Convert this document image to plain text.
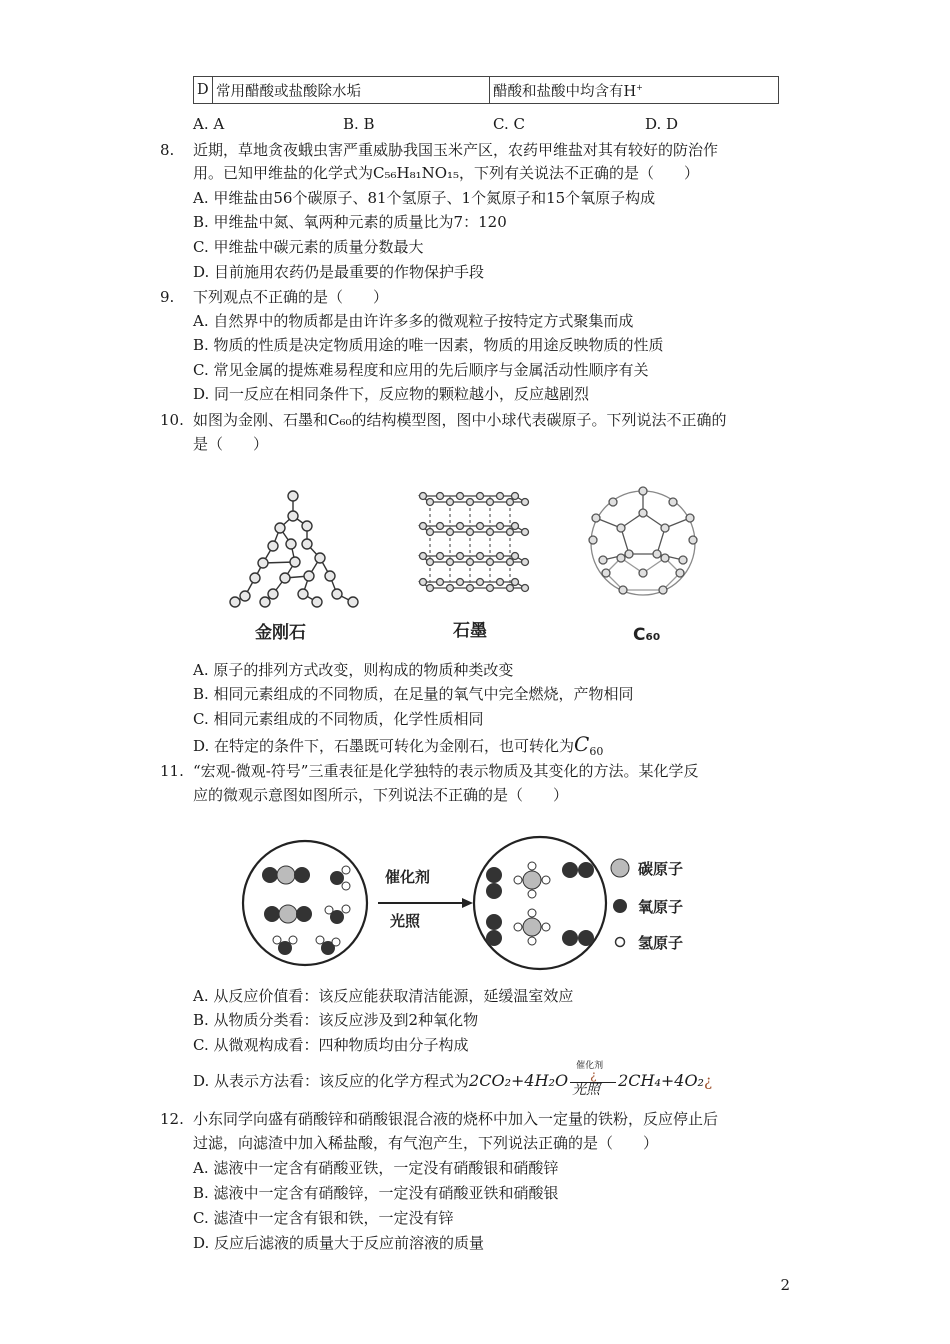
D	常用醋酸或盐酸除水垢	醋酸和盐酸中均含有H+
A. A	B. B	C. C	D. D
8. 近期，草地贪夜蛾虫害严重威胁我国玉米产区，农药甲维盐对其有较好的防治作
用。已知甲维盐的化学式为C₅₆H₈₁NO₁₅，下列有关说法不正确的是（　　）
A. 甲维盐由56个碳原子、81个氢原子、1个氮原子和15个氧原子构成
B. 甲维盐中氮、氧两种元素的质量比为7：120
C. 甲维盐中碳元素的质量分数最大
D. 目前施用农药仍是最重要的作物保护手段
9. 下列观点不正确的是（　　）
A. 自然界中的物质都是由许许多多的微观粒子按特定方式聚集而成
B. 物质的性质是决定物质用途的唯一因素，物质的用途反映物质的性质
C. 常见金属的提炼难易程度和应用的先后顺序与金属活动性顺序有关
D. 同一反应在相同条件下，反应物的颗粒越小，反应越剧烈
10. 如图为金刚、石墨和C₆₀的结构模型图，图中小球代表碳原子。下列说法不正确的
是（　　）
金刚石	石墨	C₆₀
A. 原子的排列方式改变，则构成的物质种类改变
B. 相同元素组成的不同物质，在足量的氧气中完全燃烧，产物相同
C. 相同元素组成的不同物质，化学性质相同
D. 在特定的条件下，石墨既可转化为金刚石，也可转化为$C_{60}$
11. “宏观-微观-符号”三重表征是化学独特的表示物质及其变化的方法。某化学反
应的微观示意图如图所示，下列说法不正确的是（　　）
催化剂
光照
碳原子
氧原子
氢原子
A. 从反应价值看：该反应能获取清洁能源，延缓温室效应
B. 从物质分类看：该反应涉及到2种氧化物
C. 从微观构成看：四种物质均由分子构成
D. 从表示方法看：该反应的化学方程式为2CO₂+4H₂O
催化剂
¿
光照 2CH₄+4O₂¿
12. 小东同学向盛有硝酸锌和硝酸银混合液的烧杯中加入一定量的铁粉，反应停止后
过滤，向滤渣中加入稀盐酸，有气泡产生，下列说法正确的是（　　）
A. 滤液中一定含有硝酸亚铁，一定没有硝酸银和硝酸锌
B. 滤液中一定含有硝酸锌，一定没有硝酸亚铁和硝酸银
C. 滤渣中一定含有银和铁，一定没有锌
D. 反应后滤液的质量大于反应前溶液的质量
2
